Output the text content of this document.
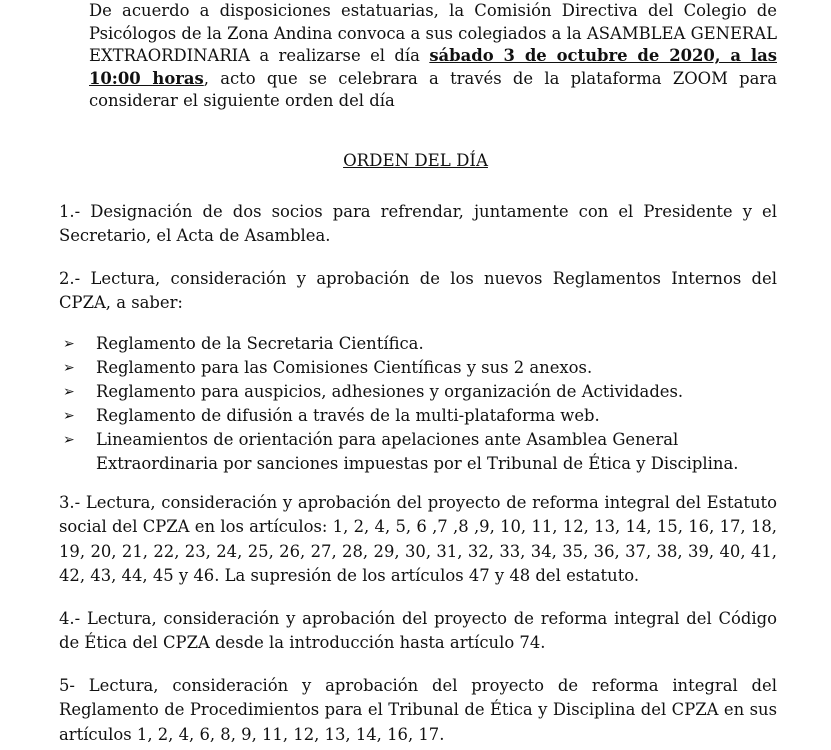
De acuerdo a disposiciones estatuarias, la Comisión Directiva del Colegio de Psicólogos de la Zona Andina convoca a sus colegiados a la ASAMBLEA GENERAL EXTRAORDINARIA a realizarse el día sábado 3 de octubre de 2020, a las 10:00 horas, acto que se celebrara a través de la plataforma ZOOM para considerar el siguiente orden del día

ORDEN DEL DÍA

1.- Designación de dos socios para refrendar, juntamente con el Presidente y el Secretario, el Acta de Asamblea.

2.- Lectura, consideración y aprobación de los nuevos Reglamentos Internos del CPZA, a saber:

➢ Reglamento de la Secretaria Científica.
➢ Reglamento para las Comisiones Científicas y sus 2 anexos.
➢ Reglamento para auspicios, adhesiones y organización de Actividades.
➢ Reglamento de difusión a través de la multi-plataforma web.
➢ Lineamientos de orientación para apelaciones ante Asamblea General Extraordinaria por sanciones impuestas por el Tribunal de Ética y Disciplina.

3.- Lectura, consideración y aprobación del proyecto de reforma integral del Estatuto social del CPZA en los artículos: 1, 2, 4, 5, 6 ,7 ,8 ,9, 10, 11, 12, 13, 14, 15, 16, 17, 18, 19, 20, 21, 22, 23, 24, 25, 26, 27, 28, 29, 30, 31, 32, 33, 34, 35, 36, 37, 38, 39, 40, 41, 42, 43, 44, 45 y 46. La supresión de los artículos 47 y 48 del estatuto.

4.- Lectura, consideración y aprobación del proyecto de reforma integral del Código de Ética del CPZA desde la introducción hasta artículo 74.

5- Lectura, consideración y aprobación del proyecto de reforma integral del Reglamento de Procedimientos para el Tribunal de Ética y Disciplina del CPZA en sus artículos 1, 2, 4, 6, 8, 9, 11, 12, 13, 14, 16, 17.
